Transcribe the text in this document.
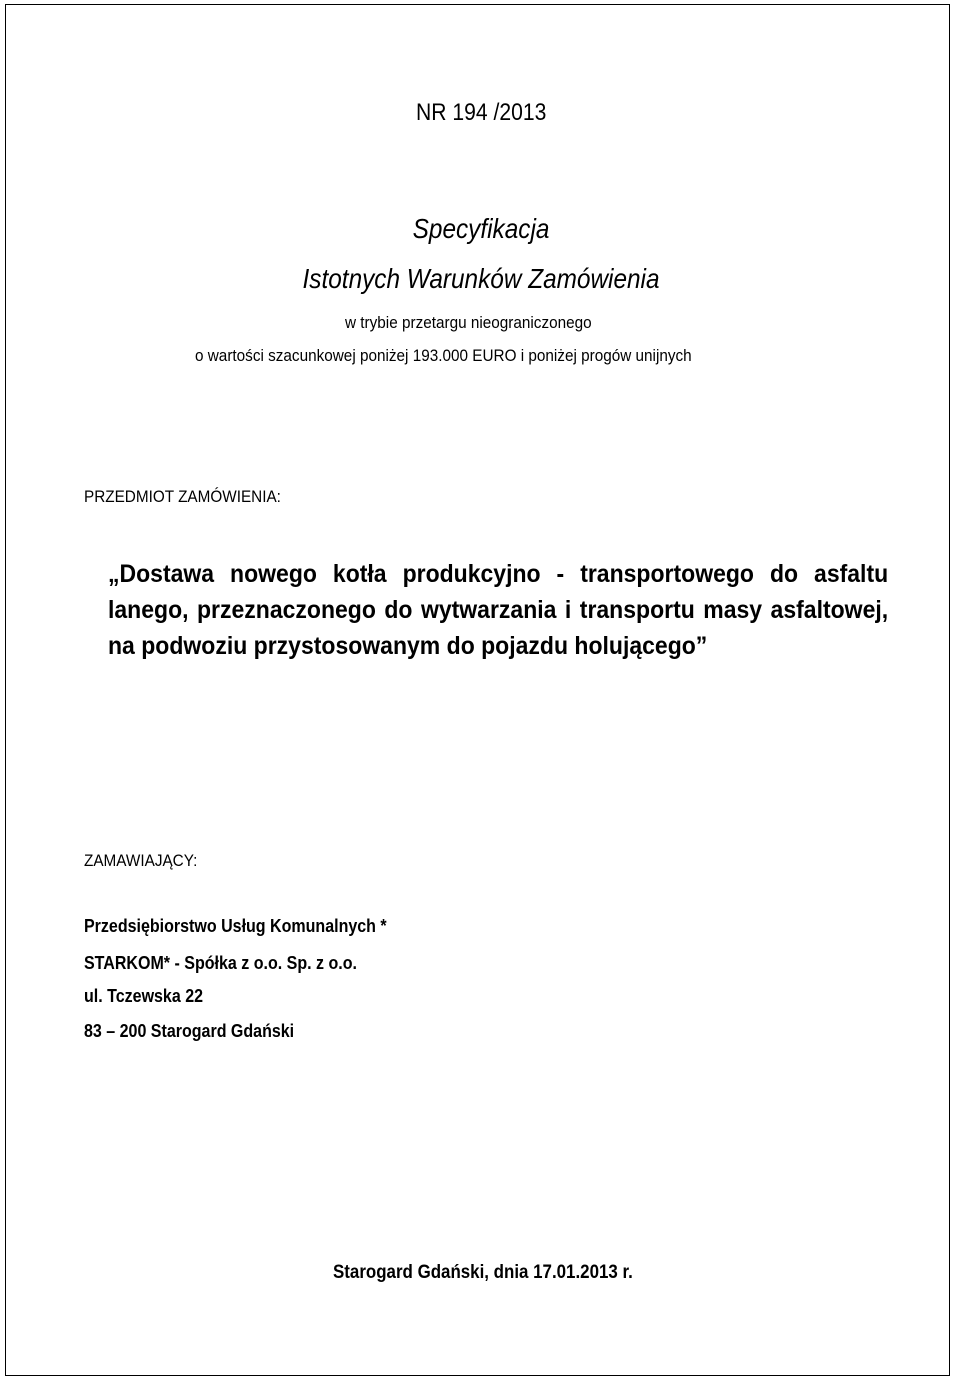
NR 194 /2013

Specyfikacja

Istotnych Warunków Zamówienia

w trybie przetargu nieograniczonego

o wartości szacunkowej poniżej 193.000 EURO i poniżej progów unijnych

PRZEDMIOT ZAMÓWIENIA:

„Dostawa nowego kotła produkcyjno - transportowego do asfaltu lanego, przeznaczonego do wytwarzania i transportu masy asfaltowej, na podwoziu przystosowanym do pojazdu holującego”

ZAMAWIAJĄCY:

Przedsiębiorstwo Usług Komunalnych *

STARKOM* - Spółka z o.o. Sp. z o.o.

ul. Tczewska 22

83 – 200 Starogard Gdański

Starogard Gdański, dnia 17.01.2013 r.
